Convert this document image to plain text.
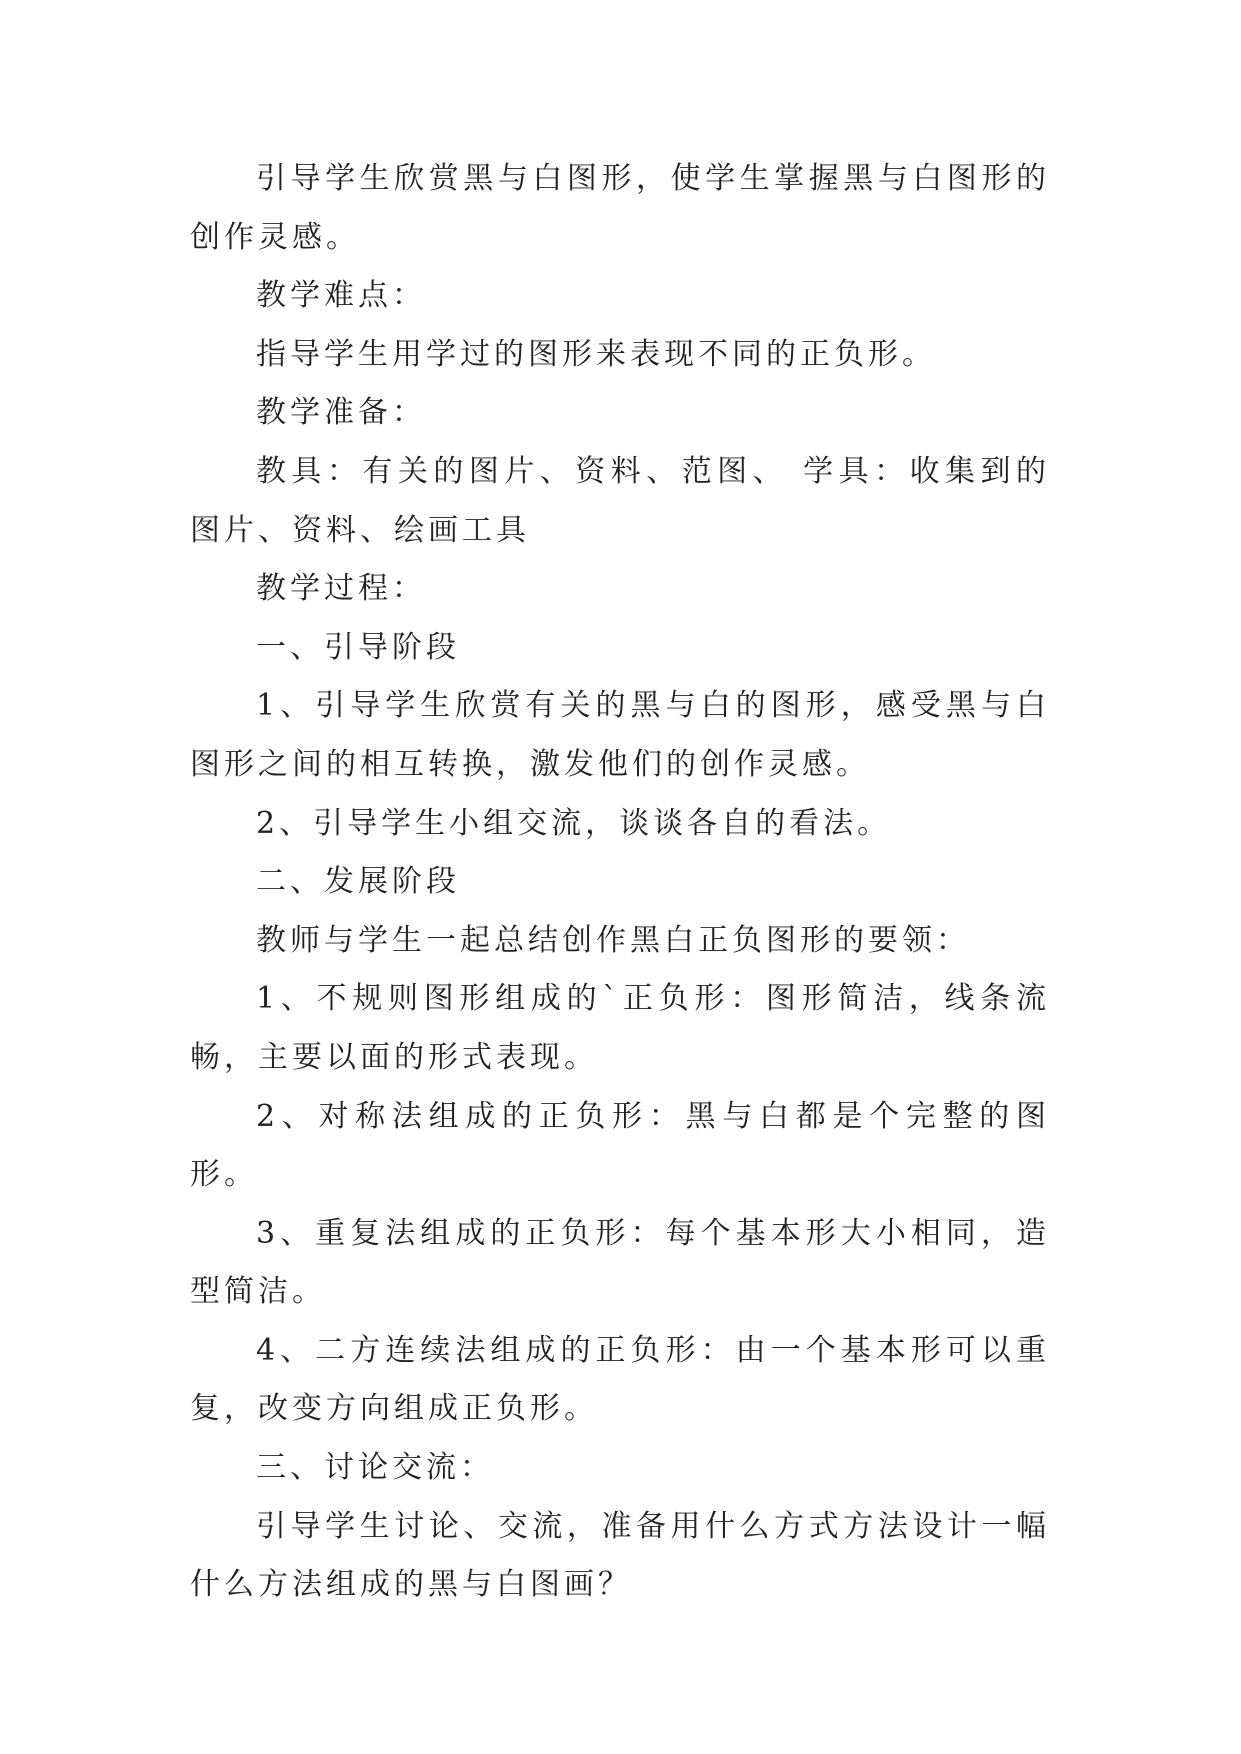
引导学生欣赏黑与白图形，使学生掌握黑与白图形的创作灵感。

教学难点：

指导学生用学过的图形来表现不同的正负形。

教学准备：

教具：有关的图片、资料、范图、 学具：收集到的图片、资料、绘画工具

教学过程：

一、引导阶段

1、引导学生欣赏有关的黑与白的图形，感受黑与白图形之间的相互转换，激发他们的创作灵感。

2、引导学生小组交流，谈谈各自的看法。

二、发展阶段

教师与学生一起总结创作黑白正负图形的要领：

1、不规则图形组成的`正负形：图形简洁，线条流畅，主要以面的形式表现。

2、对称法组成的正负形：黑与白都是个完整的图形。

3、重复法组成的正负形：每个基本形大小相同，造型简洁。

4、二方连续法组成的正负形：由一个基本形可以重复，改变方向组成正负形。

三、讨论交流：

引导学生讨论、交流，准备用什么方式方法设计一幅什么方法组成的黑与白图画？
